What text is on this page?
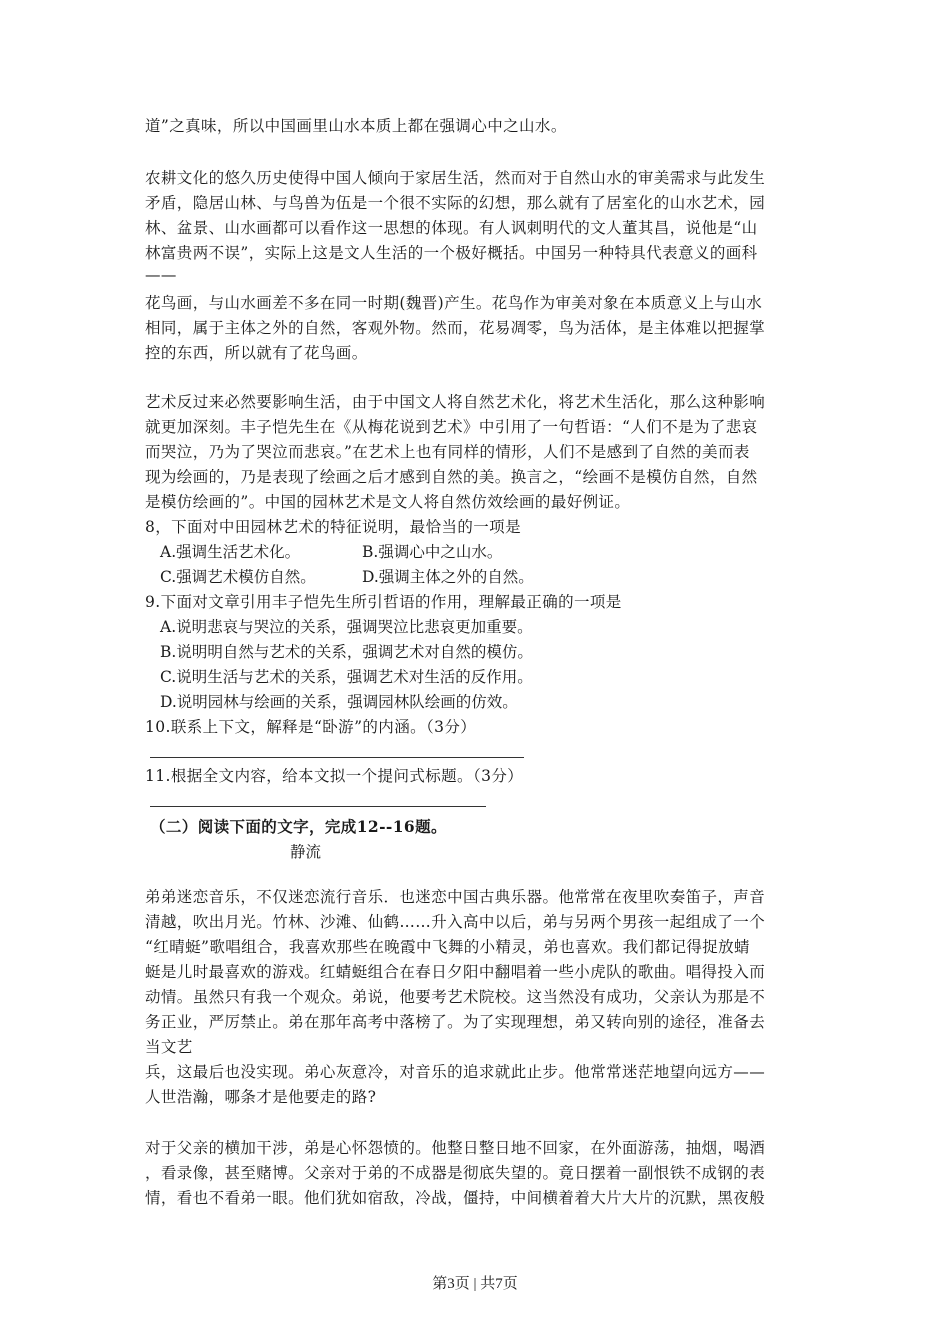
道”之真味，所以中国画里山水本质上都在强调心中之山水。
农耕文化的悠久历史使得中国人倾向于家居生活，然而对于自然山水的审美需求与此发生
矛盾，隐居山林、与鸟兽为伍是一个很不实际的幻想，那么就有了居室化的山水艺术，园
林、盆景、山水画都可以看作这一思想的体现。有人讽刺明代的文人董其昌，说他是“山
林富贵两不误”，实际上这是文人生活的一个极好概括。中国另一种特具代表意义的画科
——
花鸟画，与山水画差不多在同一时期(魏晋)产生。花鸟作为审美对象在本质意义上与山水
相同，属于主体之外的自然，客观外物。然而，花易凋零，鸟为活体，是主体难以把握掌
控的东西，所以就有了花鸟画。
艺术反过来必然要影响生活，由于中国文人将自然艺术化，将艺术生活化，那么这种影响
就更加深刻。丰子恺先生在《从梅花说到艺术》中引用了一句哲语：“人们不是为了悲哀
而哭泣，乃为了哭泣而悲哀。”在艺术上也有同样的情形，人们不是感到了自然的美而表
现为绘画的，乃是表现了绘画之后才感到自然的美。换言之，“绘画不是模仿自然，自然
是模仿绘画的”。中国的园林艺术是文人将自然仿效绘画的最好例证。
8，下面对中田园林艺术的特征说明，最恰当的一项是
A.强调生活艺术化。	B.强调心中之山水。
C.强调艺术模仿自然。	D.强调主体之外的自然。
9.下面对文章引用丰子恺先生所引哲语的作用，理解最正确的一项是
A.说明悲哀与哭泣的关系，强调哭泣比悲哀更加重要。
B.说明明自然与艺术的关系，强调艺术对自然的模仿。
C.说明生活与艺术的关系，强调艺术对生活的反作用。
D.说明园林与绘画的关系，强调园林队绘画的仿效。
10.联系上下文，解释是“卧游”的内涵。（3分）
11.根据全文内容，给本文拟一个提问式标题。（3分）
（二）阅读下面的文字，完成12--16题。
静流
弟弟迷恋音乐，不仅迷恋流行音乐．也迷恋中国古典乐器。他常常在夜里吹奏笛子，声音
清越，吹出月光。竹林、沙滩、仙鹤……升入高中以后，弟与另两个男孩一起组成了一个
“红晴蜓”歌唱组合，我喜欢那些在晚霞中飞舞的小精灵，弟也喜欢。我们都记得捉放蜻
蜓是儿时最喜欢的游戏。红蜻蜓组合在春日夕阳中翻唱着一些小虎队的歌曲。唱得投入而
动情。虽然只有我一个观众。弟说，他要考艺术院校。这当然没有成功，父亲认为那是不
务正业，严厉禁止。弟在那年高考中落榜了。为了实现理想，弟又转向别的途径，准备去
当文艺
兵，这最后也没实现。弟心灰意冷，对音乐的追求就此止步。他常常迷茫地望向远方——
人世浩瀚，哪条才是他要走的路?
对于父亲的横加干涉，弟是心怀怨愤的。他整日整日地不回家，在外面游荡，抽烟，喝酒
，看录像，甚至赌博。父亲对于弟的不成器是彻底失望的。竟日摆着一副恨铁不成钢的表
情，看也不看弟一眼。他们犹如宿敌，冷战，僵持，中间横着着大片大片的沉默，黑夜般
第3页 | 共7页
